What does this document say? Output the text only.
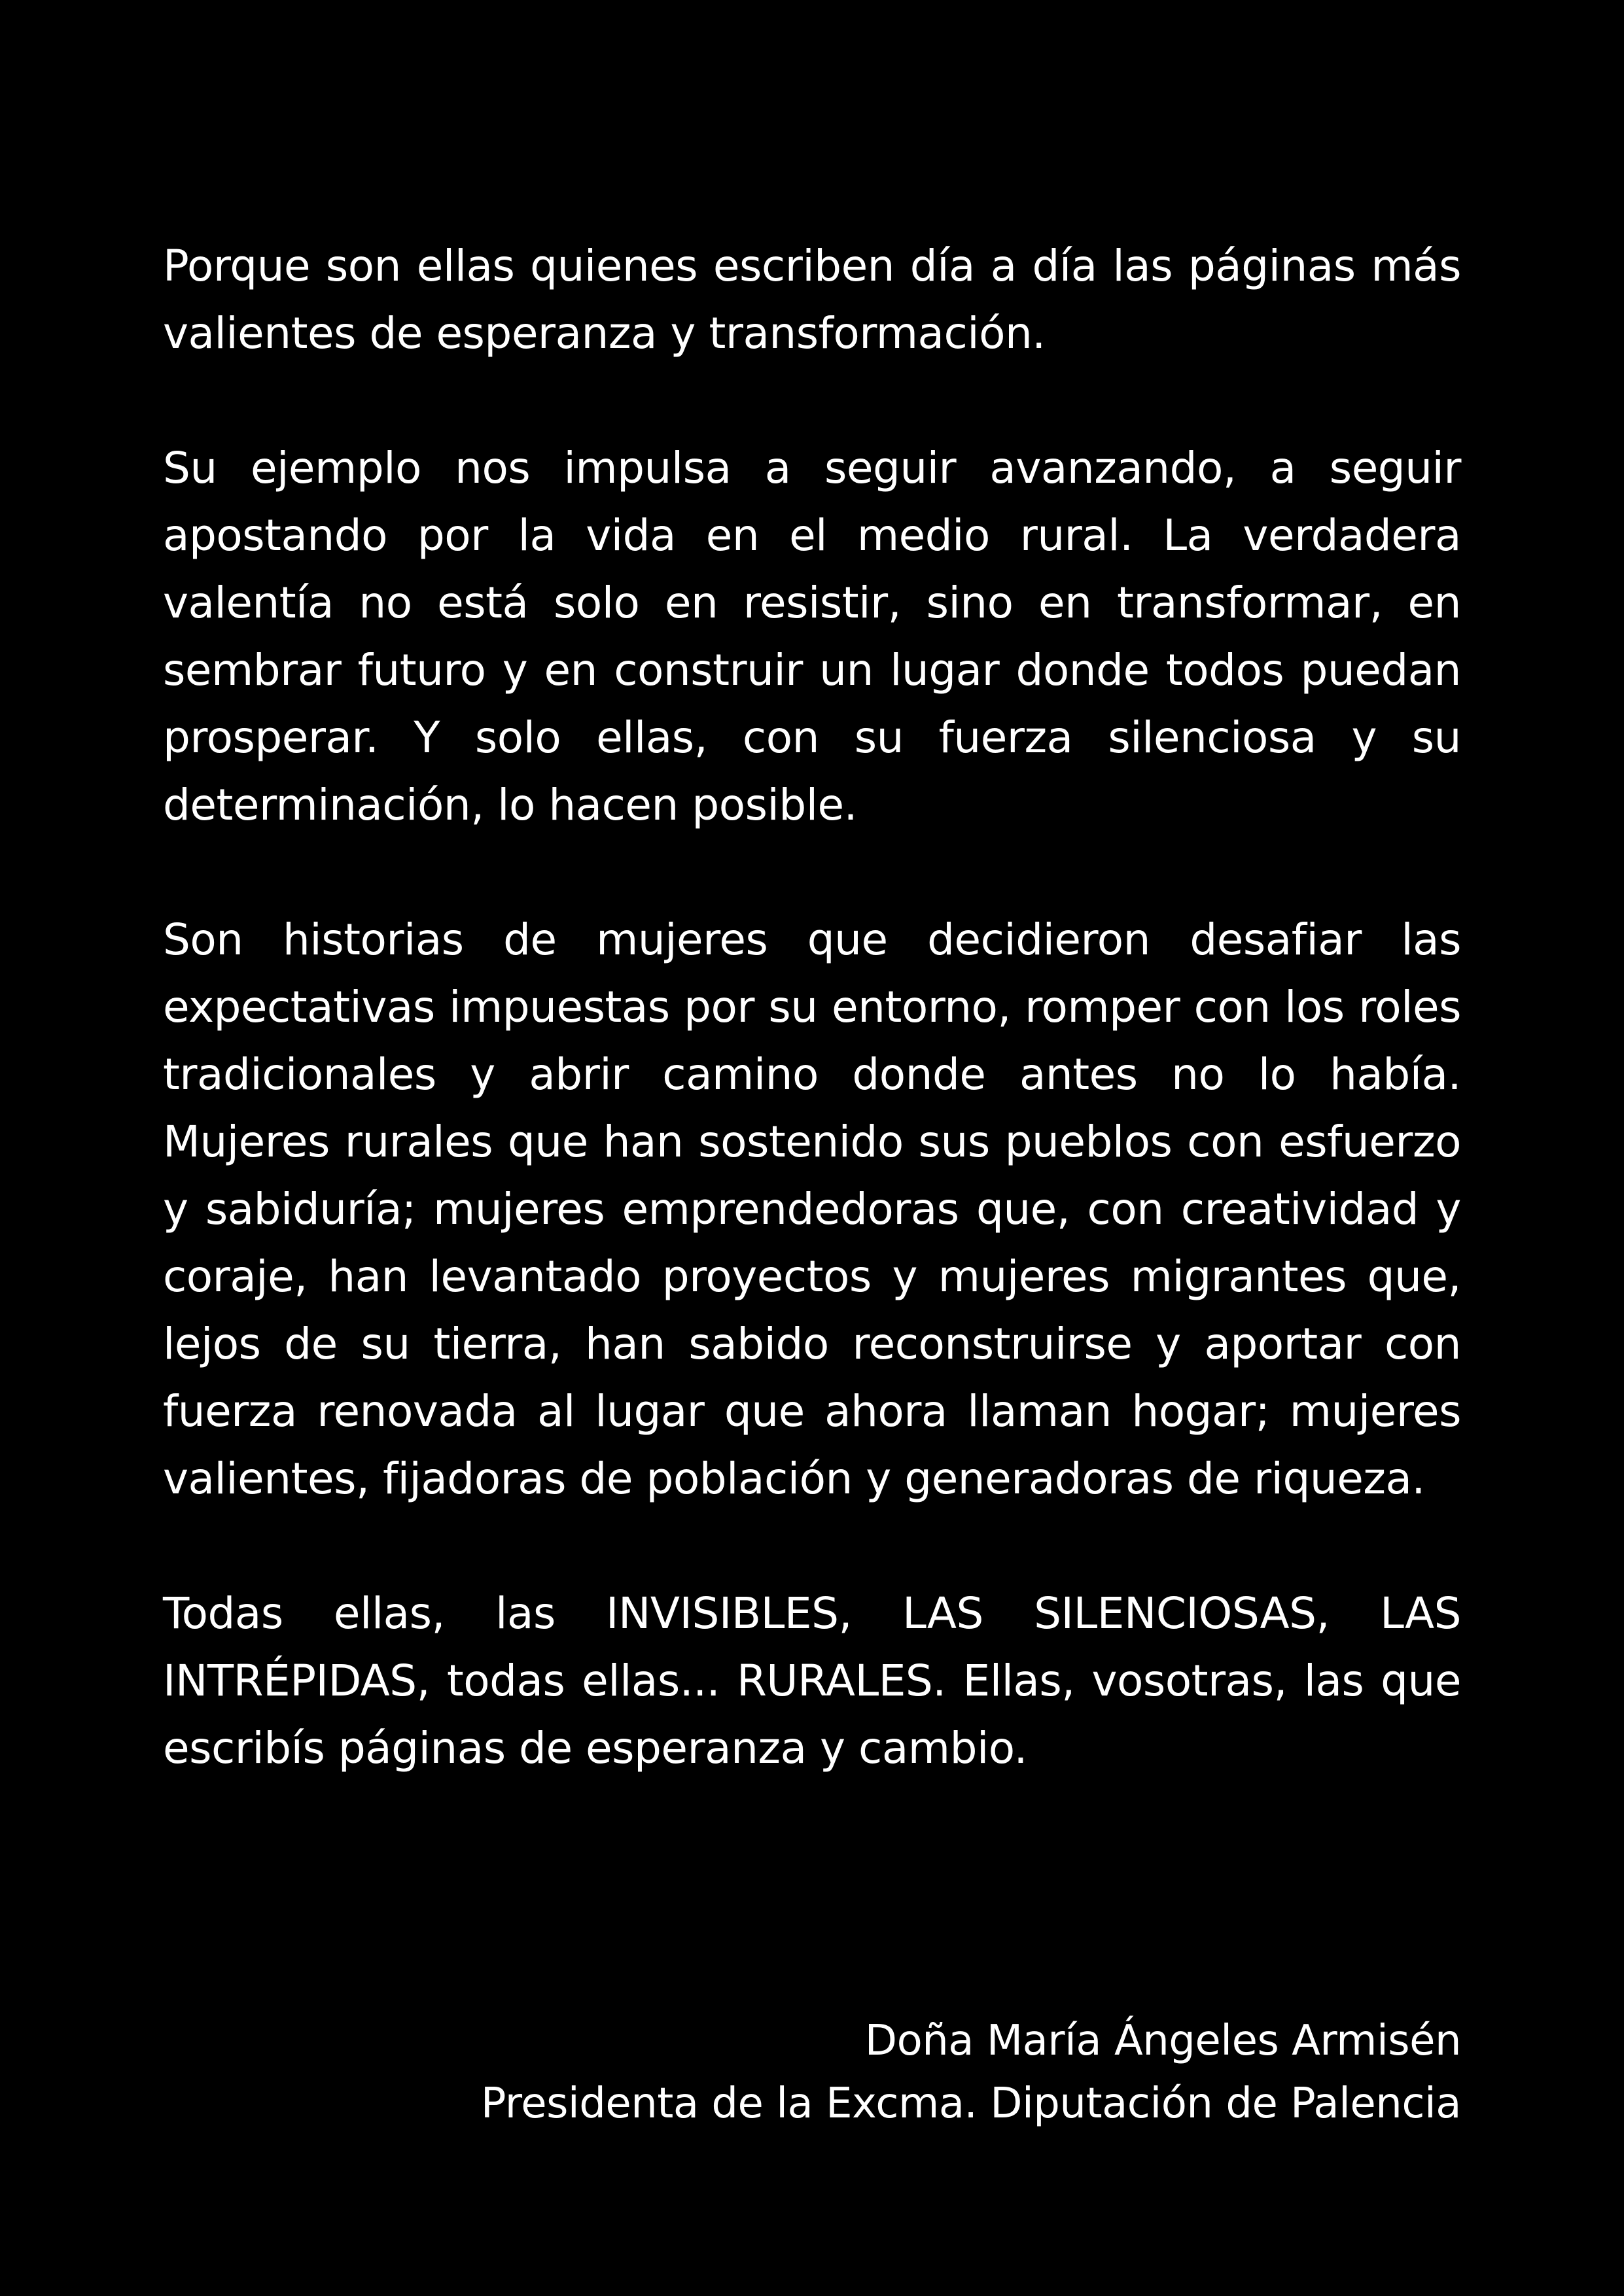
Porque son ellas quienes escriben día a día las páginas más valientes de esperanza y transformación.

Su ejemplo nos impulsa a seguir avanzando, a seguir apostando por la vida en el medio rural. La verdadera valentía no está solo en resistir, sino en transformar, en sembrar futuro y en construir un lugar donde todos puedan prosperar. Y solo ellas, con su fuerza silenciosa y su determinación, lo hacen posible.

Son historias de mujeres que decidieron desafiar las expectativas impuestas por su entorno, romper con los roles tradicionales y abrir camino donde antes no lo había. Mujeres rurales que han sostenido sus pueblos con esfuerzo y sabiduría; mujeres emprendedoras que, con creatividad y coraje, han levantado proyectos y mujeres migrantes que, lejos de su tierra, han sabido reconstruirse y aportar con fuerza renovada al lugar que ahora llaman hogar; mujeres valientes, fijadoras de población y generadoras de riqueza.

Todas ellas, las INVISIBLES, LAS SILENCIOSAS, LAS INTRÉPIDAS, todas ellas... RURALES. Ellas, vosotras, las que escribís páginas de esperanza y cambio.

Doña María Ángeles Armisén
Presidenta de la Excma. Diputación de Palencia
